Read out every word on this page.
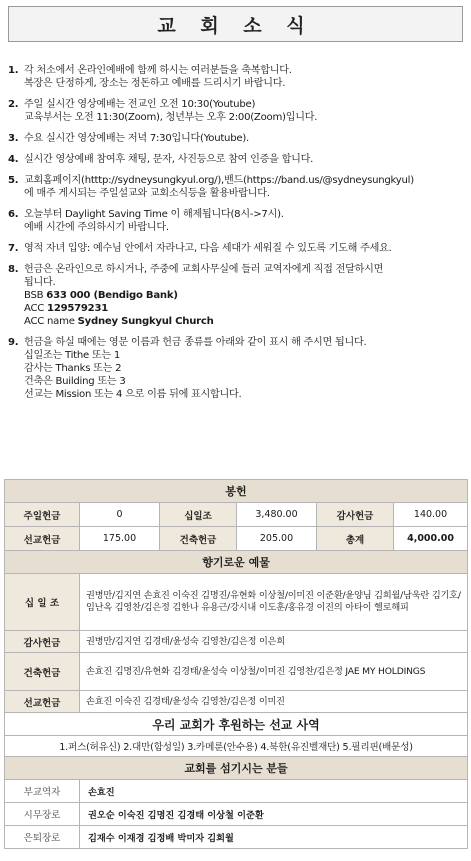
교 회 소 식
1. 각 처소에서 온라인예배에 함께 하시는 여러분들을 축복합니다.
복장은 단정하게, 장소는 정돈하고 예배를 드리시기 바랍니다.
2. 주일 실시간 영상예배는 전교인 오전 10:30(Youtube)
교육부서는 오전 11:30(Zoom), 청년부는 오후 2:00(Zoom)입니다.
3. 수요 실시간 영상예배는 저녁 7:30입니다(Youtube).
4. 실시간 영상예배 참여후 채팅, 문자, 사진등으로 참여 인증을 합니다.
5. 교회홈페이지(htttp://sydneysungkyul.org/),밴드(https://band.us/@sydneysungkyul)
에 매주 게시되는 주일설교와 교회소식등을 활용바랍니다.
6. 오늘부터 Daylight Saving Time 이 해제됩니다(8시->7시).
예배 시간에 주의하시기 바랍니다.
7. 영적 자녀 입양: 예수님 안에서 자라나고, 다음 세대가 세워질 수 있도록 기도해 주세요.
8. 헌금은 온라인으로 하시거나, 주중에 교회사무실에 들러 교역자에게 직접 전달하시면
됩니다.
BSB 633 000 (Bendigo Bank)
ACC 129579231
ACC name Sydney Sungkyul Church
9. 헌금을 하실 때에는 영문 이름과 헌금 종류를 아래와 같이 표시 해 주시면 됩니다.
십일조는 Tithe 또는 1
감사는 Thanks 또는 2
건축은 Building 또는 3
선교는 Mission 또는 4 으로 이름 뒤에 표시합니다.
봉헌					
주일헌금	0	십일조	3,480.00	감사헌금	140.00
선교헌금	175.00	건축헌금	205.00	총계	4,000.00
향기로운 예물					
십 일 조	권병만/김지연 손효진 이숙진 김명진/유현화 이상철/이미진 이준환/윤양님 김희월/남욱란 김기호/임난옥 김영찬/김은정 김한나 유용근/강시내 이도훈/홍유경 이진의 아타이 헬로해피				
감사헌금	권병만/김지연 김경태/윤성숙 김영찬/김은정 이은희				
건축헌금	손효진 김명진/유현화 김경태/윤성숙 이상철/이미진 김영찬/김은정 JAE MY HOLDINGS				
선교헌금	손효진 이숙진 김경태/윤성숙 김영찬/김은정 이미진				
우리 교회가 후원하는 선교 사역					
1.퍼스(허유신) 2.대만(함성일) 3.카메룬(안수용) 4.북한(유진벨재단) 5.필리핀(배문성)					
교회를 섬기시는 분들					
부교역자	손효진				
시무장로	권오순 이숙진 김명진 김경태 이상철 이준환				
은퇴장로	김재수 이재경 김정배 박미자 김희월				
